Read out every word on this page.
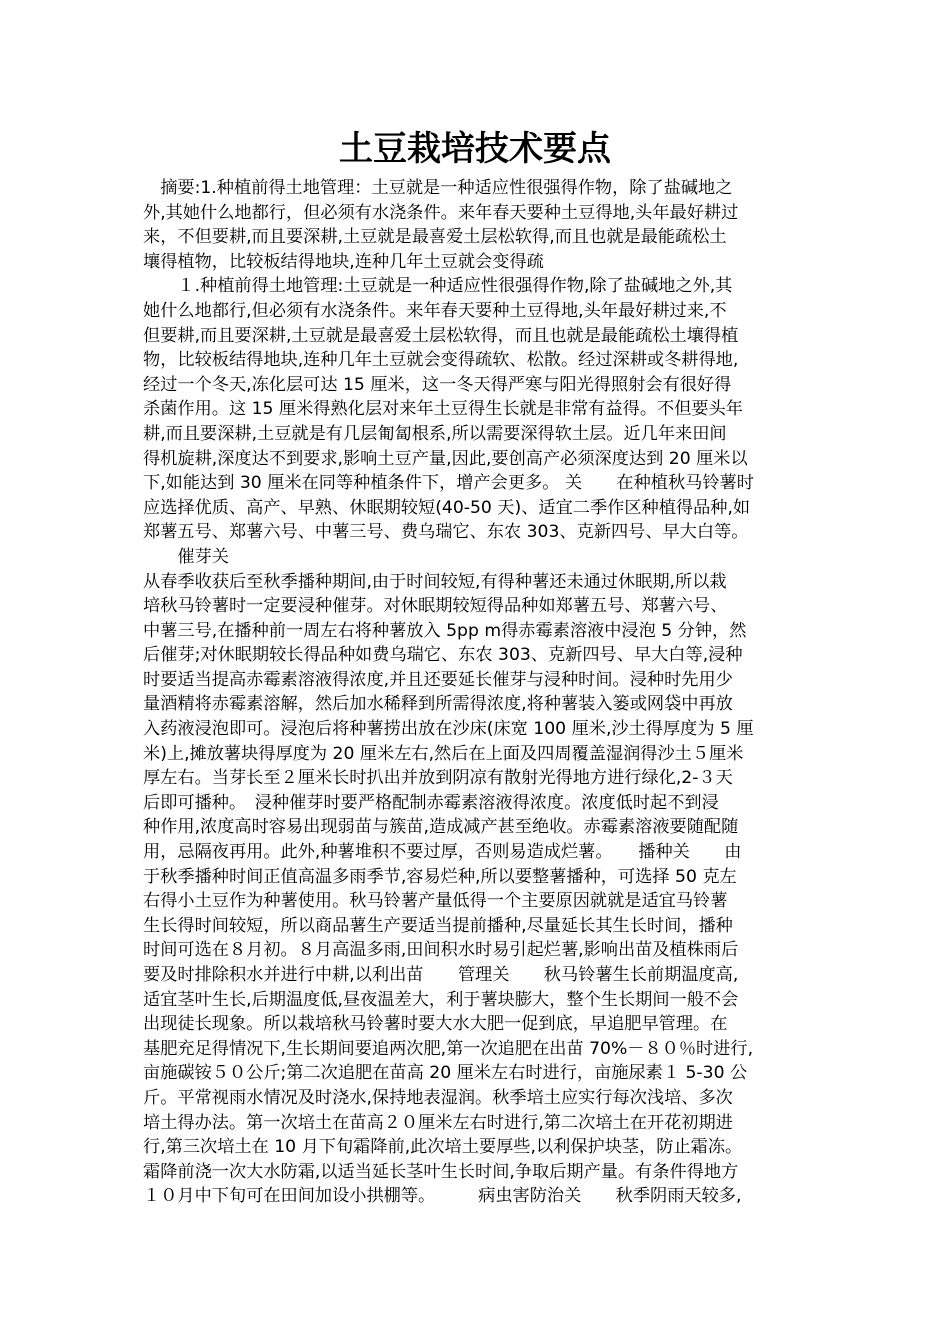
土豆栽培技术要点
　摘要:1.种植前得土地管理：土豆就是一种适应性很强得作物，除了盐碱地之
外,其她什么地都行，但必须有水浇条件。来年春天要种土豆得地,头年最好耕过
来，不但要耕,而且要深耕,土豆就是最喜爱土层松软得,而且也就是最能疏松土
壤得植物，比较板结得地块,连种几年土豆就会变得疏
　　１.种植前得土地管理:土豆就是一种适应性很强得作物,除了盐碱地之外,其
她什么地都行,但必须有水浇条件。来年春天要种土豆得地,头年最好耕过来,不
但要耕,而且要深耕,土豆就是最喜爱土层松软得，而且也就是最能疏松土壤得植
物，比较板结得地块,连种几年土豆就会变得疏软、松散。经过深耕或冬耕得地,
经过一个冬天,冻化层可达 15 厘米，这一冬天得严寒与阳光得照射会有很好得
杀菌作用。这 15 厘米得熟化层对来年土豆得生长就是非常有益得。不但要头年
耕,而且要深耕,土豆就是有几层匍匐根系,所以需要深得软土层。近几年来田间
得机旋耕,深度达不到要求,影响土豆产量,因此,要创高产必须深度达到 20 厘米以
下,如能达到 30 厘米在同等种植条件下，增产会更多。 关　　在种植秋马铃薯时
应选择优质、高产、早熟、休眠期较短(40-50 天)、适宜二季作区种植得品种,如
郑薯五号、郑薯六号、中薯三号、费乌瑞它、东农 303、克新四号、早大白等。
　　催芽关
从春季收获后至秋季播种期间,由于时间较短,有得种薯还未通过休眠期,所以栽
培秋马铃薯时一定要浸种催芽。对休眠期较短得品种如郑薯五号、郑薯六号、
中薯三号,在播种前一周左右将种薯放入 5pp m得赤霉素溶液中浸泡 5 分钟，然
后催芽;对休眠期较长得品种如费乌瑞它、东农 303、克新四号、早大白等,浸种
时要适当提高赤霉素溶液得浓度,并且还要延长催芽与浸种时间。浸种时先用少
量酒精将赤霉素溶解，然后加水稀释到所需得浓度,将种薯装入篓或网袋中再放
入药液浸泡即可。浸泡后将种薯捞出放在沙床(床宽 100 厘米,沙土得厚度为 5 厘
米)上,摊放薯块得厚度为 20 厘米左右,然后在上面及四周覆盖湿润得沙土５厘米
厚左右。当芽长至２厘米长时扒出并放到阴凉有散射光得地方进行绿化,2-３天
后即可播种。　浸种催芽时要严格配制赤霉素溶液得浓度。浓度低时起不到浸
种作用,浓度高时容易出现弱苗与簇苗,造成减产甚至绝收。赤霉素溶液要随配随
用，忌隔夜再用。此外,种薯堆积不要过厚，否则易造成烂薯。　　播种关　　由
于秋季播种时间正值高温多雨季节,容易烂种,所以要整薯播种，可选择 50 克左
右得小土豆作为种薯使用。秋马铃薯产量低得一个主要原因就就是适宜马铃薯
生长得时间较短，所以商品薯生产要适当提前播种,尽量延长其生长时间，播种
时间可选在８月初。８月高温多雨,田间积水时易引起烂薯,影响出苗及植株雨后
要及时排除积水并进行中耕,以利出苗　　管理关　　秋马铃薯生长前期温度高,
适宜茎叶生长,后期温度低,昼夜温差大，利于薯块膨大，整个生长期间一般不会
出现徒长现象。所以栽培秋马铃薯时要大水大肥一促到底，早追肥早管理。在
基肥充足得情况下,生长期间要追两次肥,第一次追肥在出苗 70%－８０％时进行,
亩施碳铵５０公斤;第二次追肥在苗高 20 厘米左右时进行，亩施尿素１ 5-30 公
斤。平常视雨水情况及时浇水,保持地表湿润。秋季培土应实行每次浅培、多次
培土得办法。第一次培土在苗高２０厘米左右时进行,第二次培土在开花初期进
行,第三次培土在 10 月下旬霜降前,此次培土要厚些,以利保护块茎，防止霜冻。
霜降前浇一次大水防霜,以适当延长茎叶生长时间,争取后期产量。有条件得地方
１０月中下旬可在田间加设小拱棚等。　　　病虫害防治关　　秋季阴雨天较多,
